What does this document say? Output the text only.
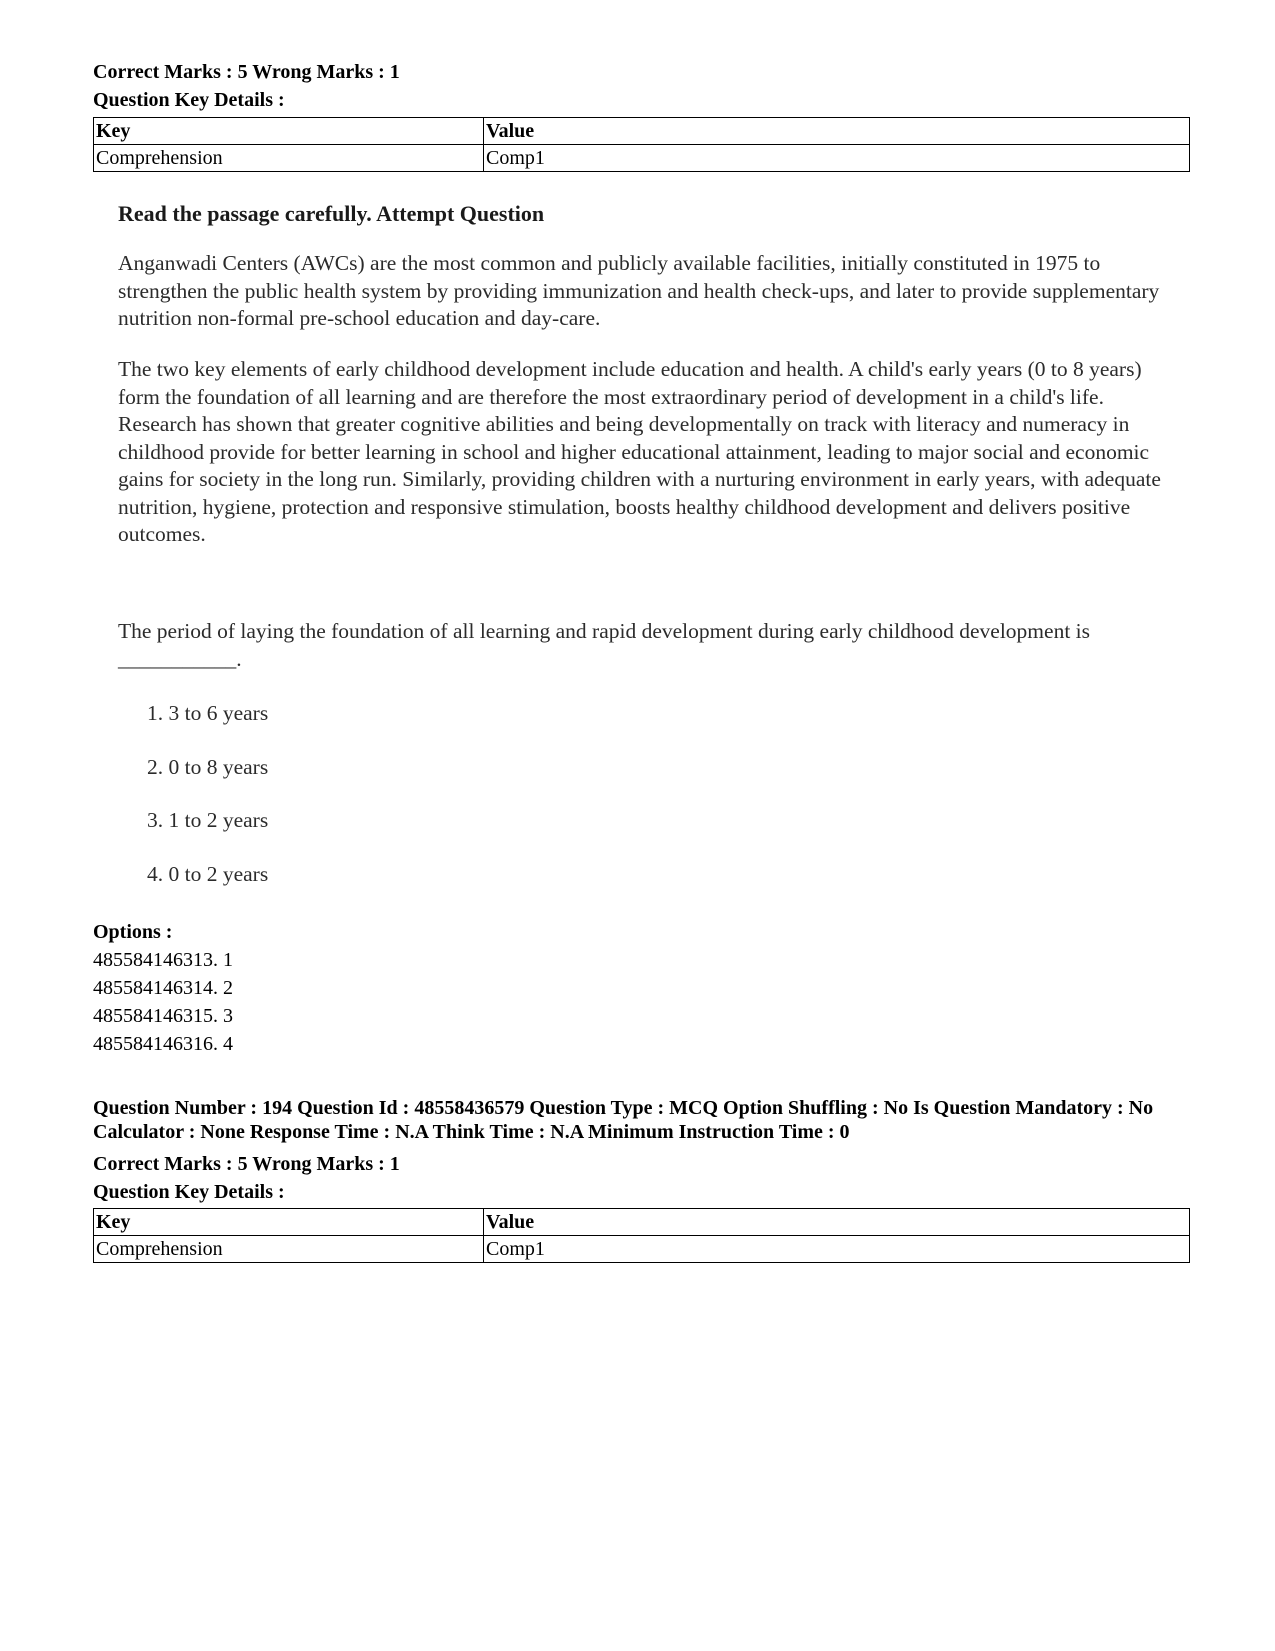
Correct Marks : 5 Wrong Marks : 1
Question Key Details :
Key	Value
Comprehension	Comp1
Read the passage carefully. Attempt Question
Anganwadi Centers (AWCs) are the most common and publicly available facilities, initially constituted in 1975 to strengthen the public health system by providing immunization and health check-ups, and later to provide supplementary nutrition non-formal pre-school education and day-care.
The two key elements of early childhood development include education and health. A child's early years (0 to 8 years) form the foundation of all learning and are therefore the most extraordinary period of development in a child's life. Research has shown that greater cognitive abilities and being developmentally on track with literacy and numeracy in childhood provide for better learning in school and higher educational attainment, leading to major social and economic gains for society in the long run. Similarly, providing children with a nurturing environment in early years, with adequate nutrition, hygiene, protection and responsive stimulation, boosts healthy childhood development and delivers positive outcomes.
The period of laying the foundation of all learning and rapid development during early childhood development is ___________.
1. 3 to 6 years
2. 0 to 8 years
3. 1 to 2 years
4. 0 to 2 years
Options :
485584146313. 1
485584146314. 2
485584146315. 3
485584146316. 4
Question Number : 194 Question Id : 48558436579 Question Type : MCQ Option Shuffling : No Is Question Mandatory : No Calculator : None Response Time : N.A Think Time : N.A Minimum Instruction Time : 0
Correct Marks : 5 Wrong Marks : 1
Question Key Details :
Key	Value
Comprehension	Comp1
